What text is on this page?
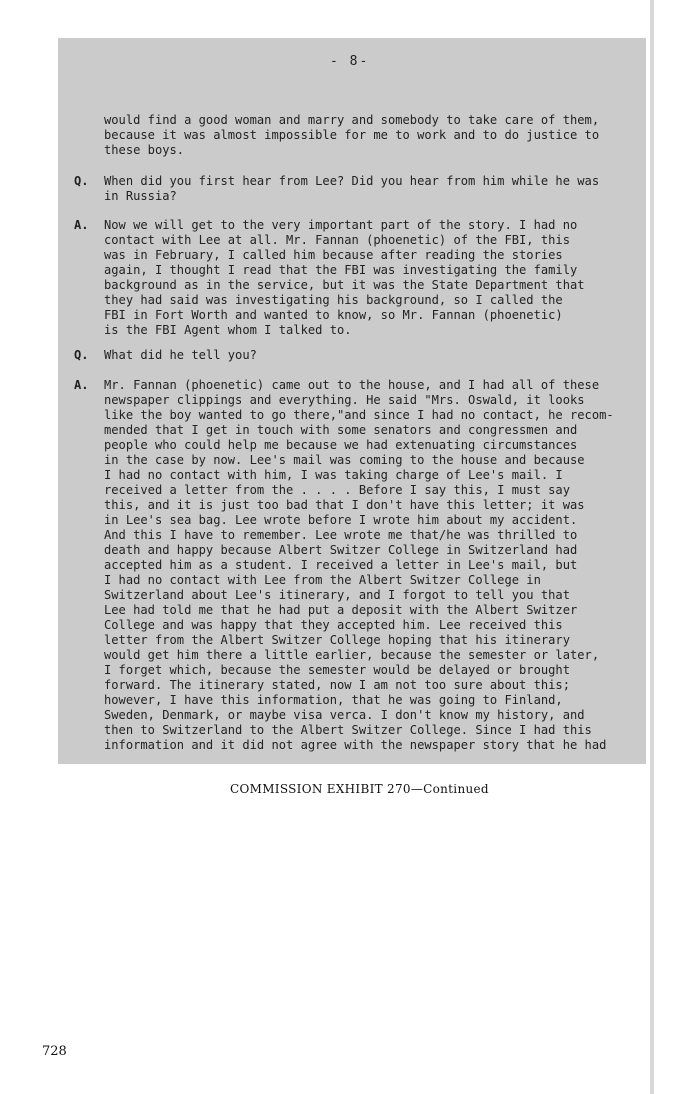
- 8-
would find a good woman and marry and somebody to take care of them,
because it was almost impossible for me to work and to do justice to
these boys.
Q. When did you first hear from Lee? Did you hear from him while he was
in Russia?
A. Now we will get to the very important part of the story. I had no
contact with Lee at all. Mr. Fannan (phoenetic) of the FBI, this
was in February, I called him because after reading the stories
again, I thought I read that the FBI was investigating the family
background as in the service, but it was the State Department that
they had said was investigating his background, so I called the
FBI in Fort Worth and wanted to know, so Mr. Fannan (phoenetic)
is the FBI Agent whom I talked to.
Q. What did he tell you?
A. Mr. Fannan (phoenetic) came out to the house, and I had all of these
newspaper clippings and everything. He said "Mrs. Oswald, it looks
like the boy wanted to go there,"and since I had no contact, he recom-
mended that I get in touch with some senators and congressmen and
people who could help me because we had extenuating circumstances
in the case by now. Lee's mail was coming to the house and because
I had no contact with him, I was taking charge of Lee's mail. I
received a letter from the . . . . Before I say this, I must say
this, and it is just too bad that I don't have this letter; it was
in Lee's sea bag. Lee wrote before I wrote him about my accident.
And this I have to remember. Lee wrote me that/he was thrilled to
death and happy because Albert Switzer College in Switzerland had
accepted him as a student. I received a letter in Lee's mail, but
I had no contact with Lee from the Albert Switzer College in
Switzerland about Lee's itinerary, and I forgot to tell you that
Lee had told me that he had put a deposit with the Albert Switzer
College and was happy that they accepted him. Lee received this
letter from the Albert Switzer College hoping that his itinerary
would get him there a little earlier, because the semester or later,
I forget which, because the semester would be delayed or brought
forward. The itinerary stated, now I am not too sure about this;
however, I have this information, that he was going to Finland,
Sweden, Denmark, or maybe visa verca. I don't know my history, and
then to Switzerland to the Albert Switzer College. Since I had this
information and it did not agree with the newspaper story that he had
COMMISSION EXHIBIT 270—Continued
728
